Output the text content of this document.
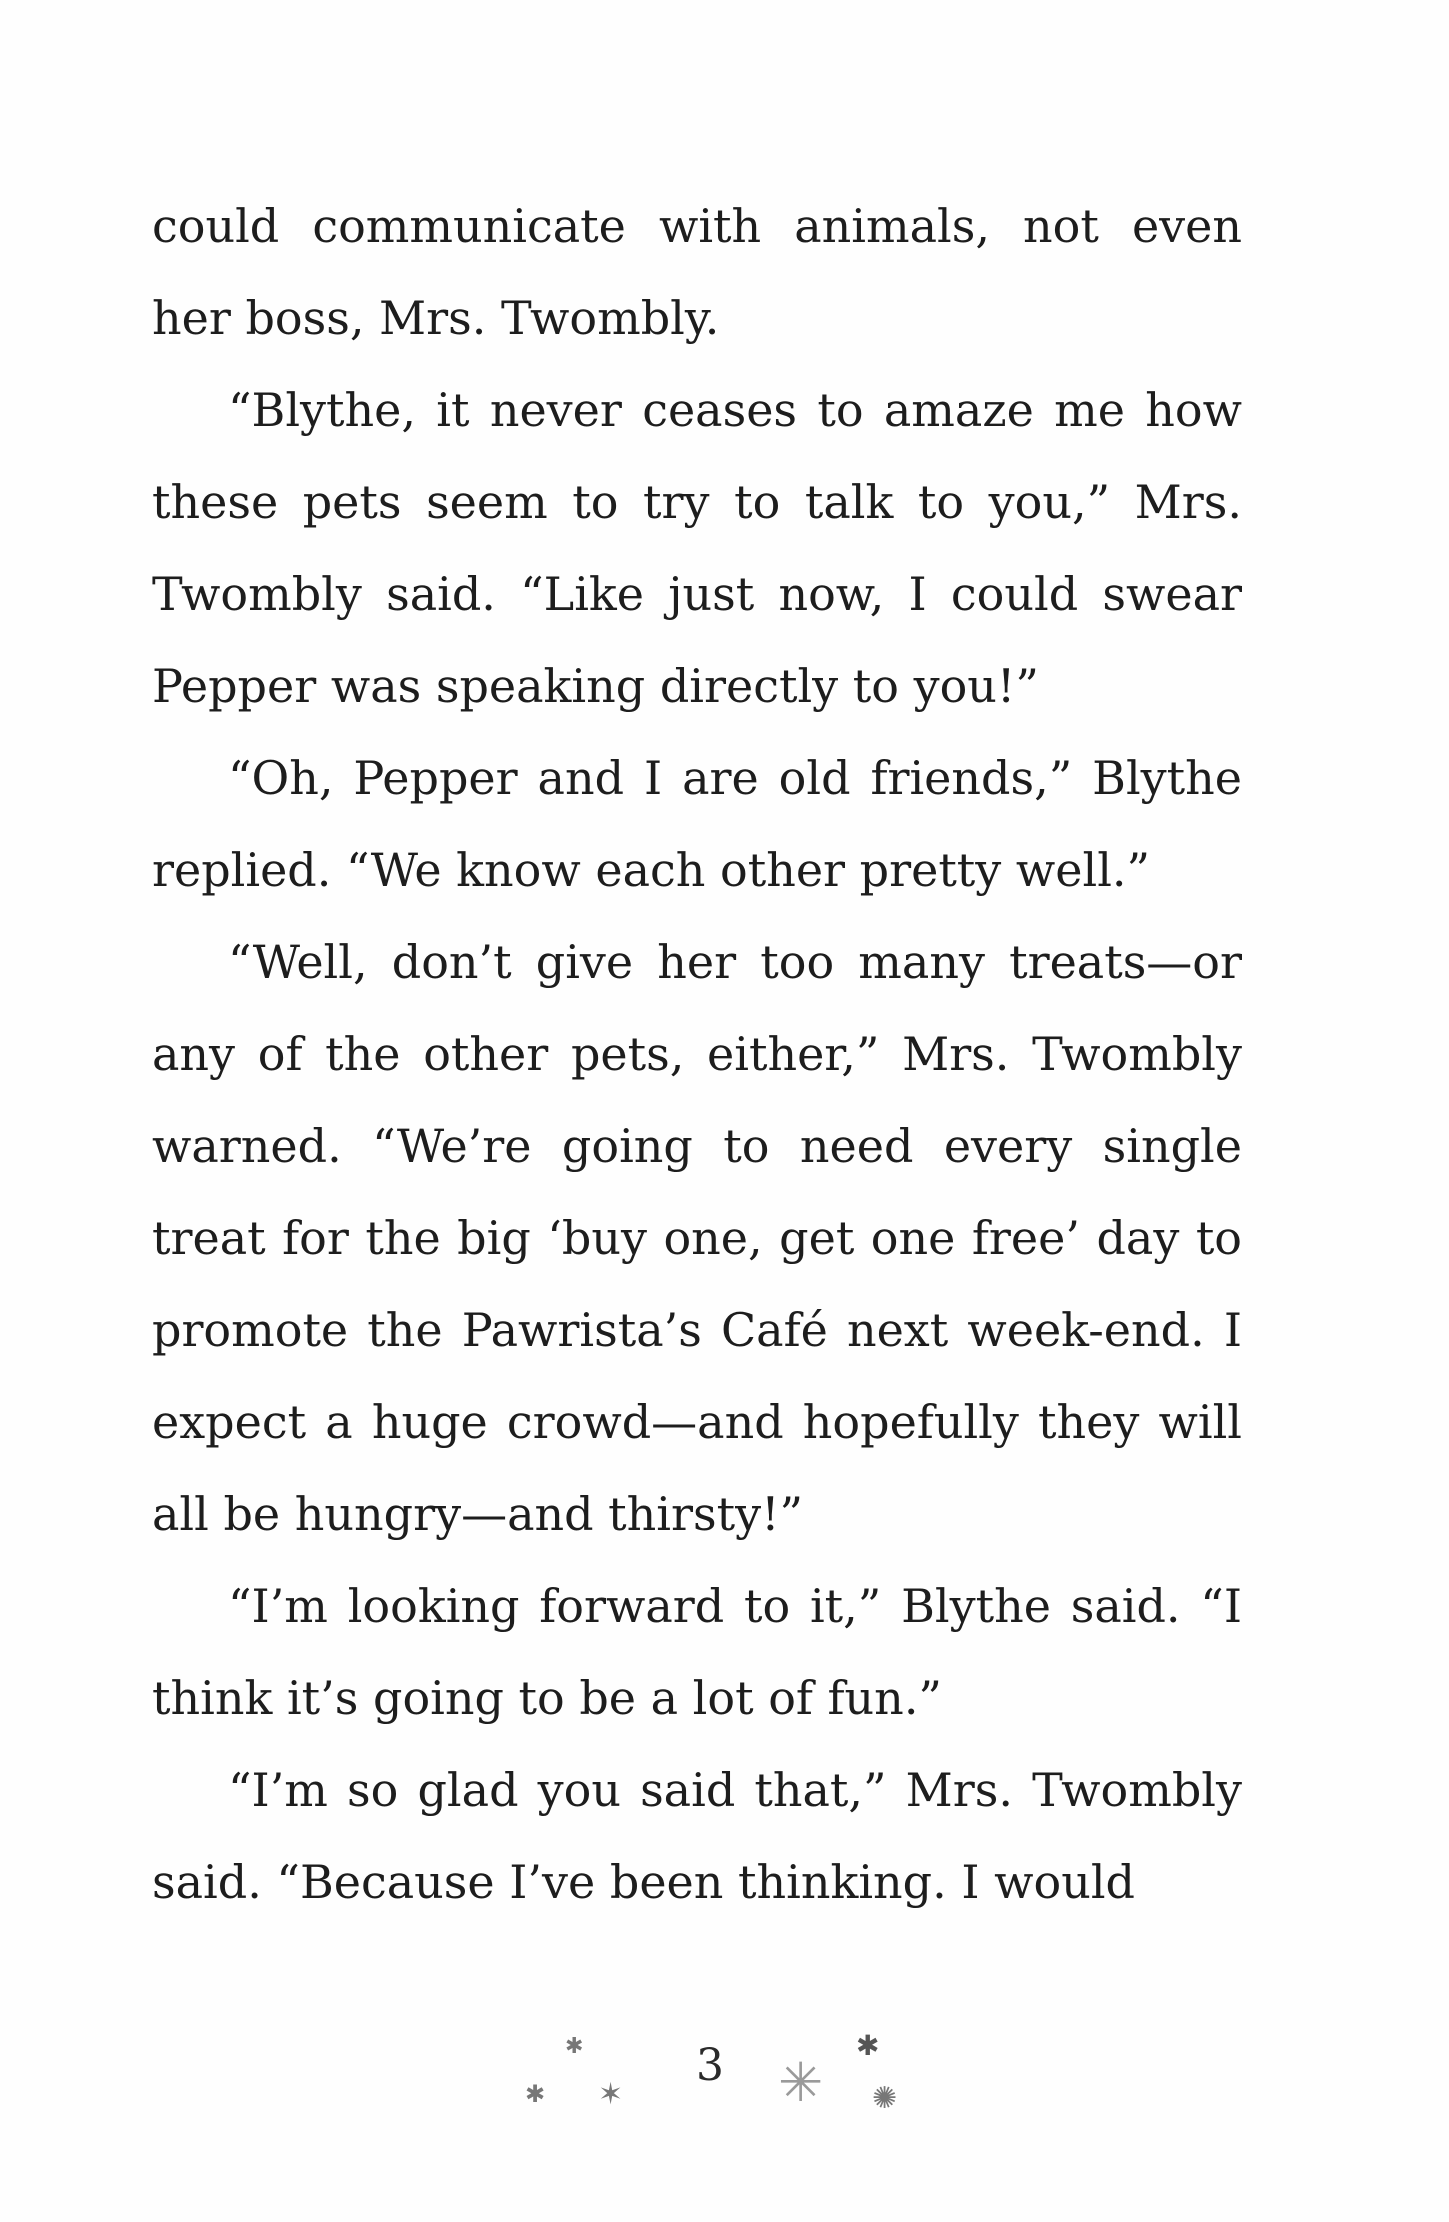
could communicate with animals, not even her boss, Mrs. Twombly.

“Blythe, it never ceases to amaze me how these pets seem to try to talk to you,” Mrs. Twombly said. “Like just now, I could swear Pepper was speaking directly to you!”

“Oh, Pepper and I are old friends,” Blythe replied. “We know each other pretty well.”

“Well, don’t give her too many treats—or any of the other pets, either,” Mrs. Twombly warned. “We’re going to need every single treat for the big ‘buy one, get one free’ day to promote the Pawrista’s Café next week-end. I expect a huge crowd—and hopefully they will all be hungry—and thirsty!”

“I’m looking forward to it,” Blythe said. “I think it’s going to be a lot of fun.”

“I’m so glad you said that,” Mrs. Twombly said. “Because I’ve been thinking. I would

✱
✱ ✶
3 ✳
✱
✺
